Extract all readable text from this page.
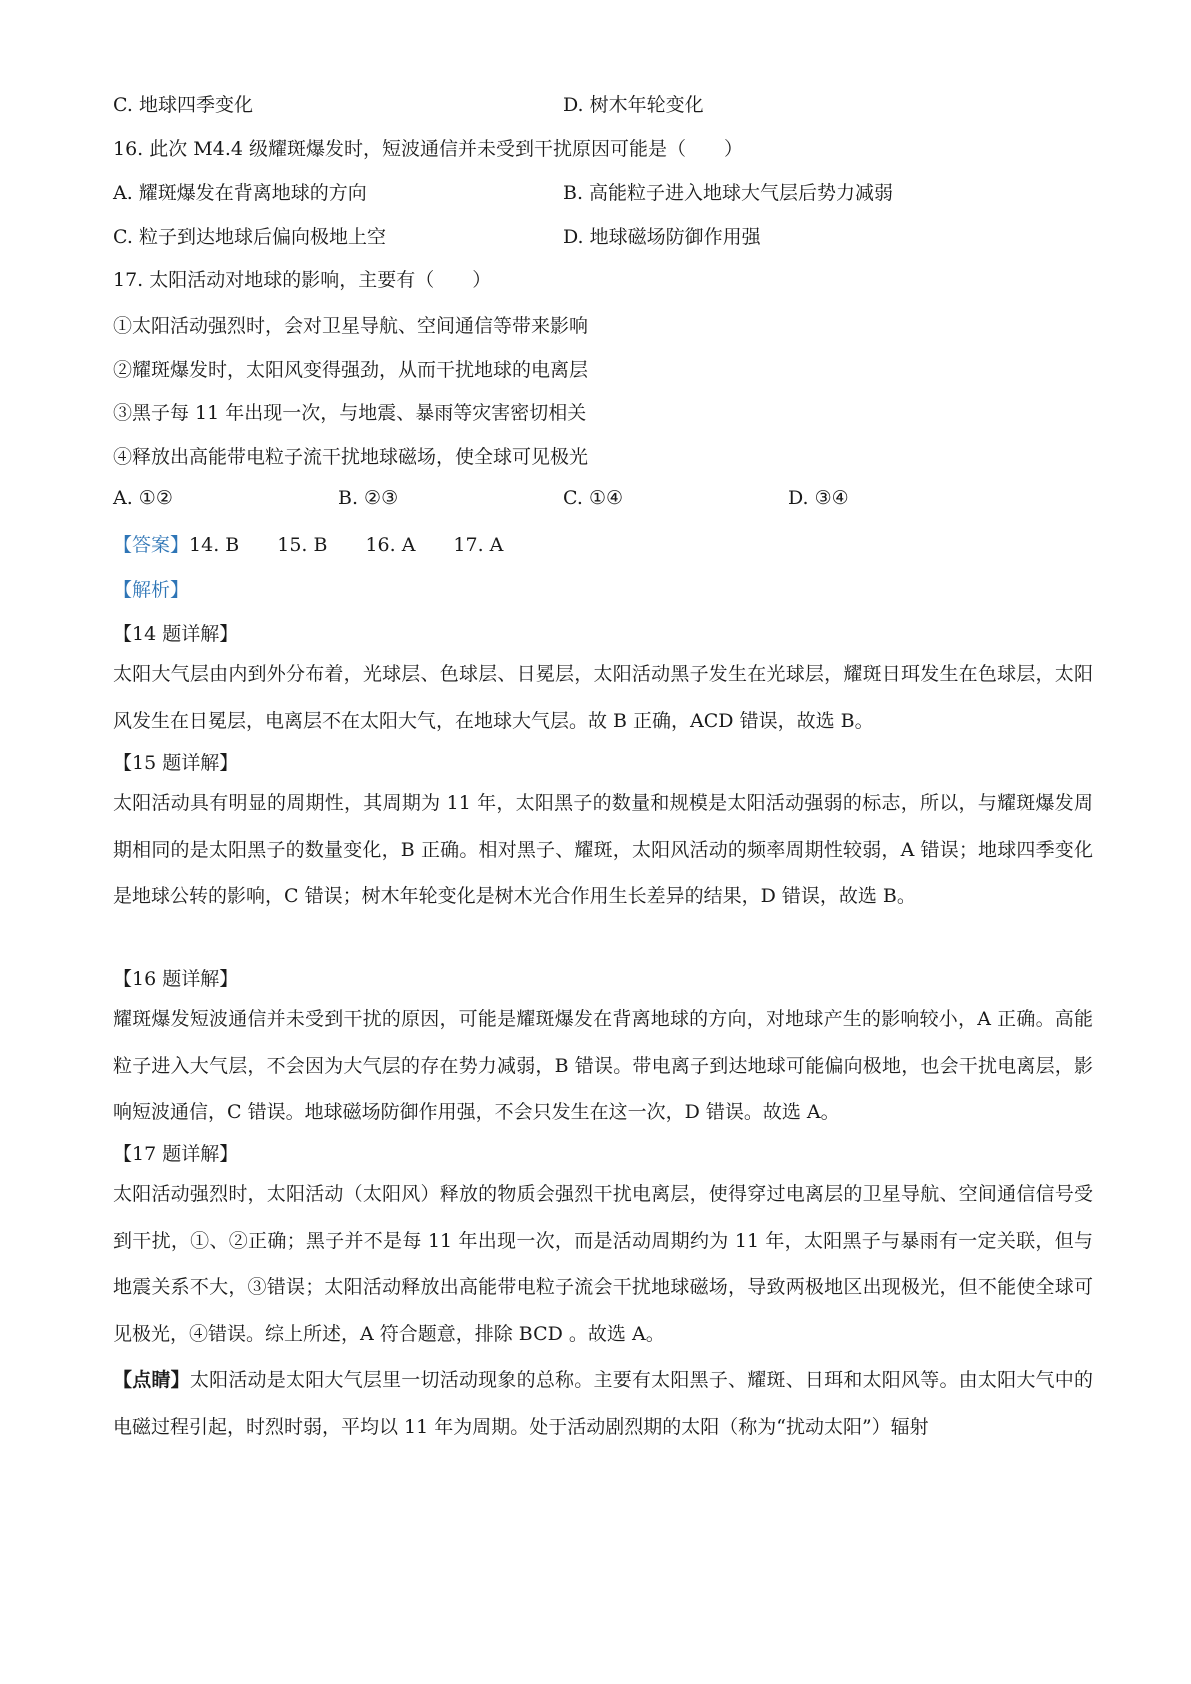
C. 地球四季变化	D. 树木年轮变化
16. 此次 M4.4 级耀斑爆发时，短波通信并未受到干扰原因可能是（　　）
A. 耀斑爆发在背离地球的方向	B. 高能粒子进入地球大气层后势力减弱
C. 粒子到达地球后偏向极地上空	D. 地球磁场防御作用强
17. 太阳活动对地球的影响，主要有（　　）
①太阳活动强烈时，会对卫星导航、空间通信等带来影响
②耀斑爆发时，太阳风变得强劲，从而干扰地球的电离层
③黑子每 11 年出现一次，与地震、暴雨等灾害密切相关
④释放出高能带电粒子流干扰地球磁场，使全球可见极光
A. ①②	B. ②③	C. ①④	D. ③④
【答案】14. B　　15. B　　16. A　　17. A
【解析】
【14 题详解】
太阳大气层由内到外分布着，光球层、色球层、日冕层，太阳活动黑子发生在光球层，耀斑日珥发生在色球层，太阳风发生在日冕层，电离层不在太阳大气，在地球大气层。故 B 正确，ACD 错误，故选 B。
【15 题详解】
太阳活动具有明显的周期性，其周期为 11 年，太阳黑子的数量和规模是太阳活动强弱的标志，所以，与耀斑爆发周期相同的是太阳黑子的数量变化，B 正确。相对黑子、耀斑，太阳风活动的频率周期性较弱，A 错误；地球四季变化是地球公转的影响，C 错误；树木年轮变化是树木光合作用生长差异的结果，D 错误，故选 B。
【16 题详解】
耀斑爆发短波通信并未受到干扰的原因，可能是耀斑爆发在背离地球的方向，对地球产生的影响较小，A 正确。高能粒子进入大气层，不会因为大气层的存在势力减弱，B 错误。带电离子到达地球可能偏向极地，也会干扰电离层，影响短波通信，C 错误。地球磁场防御作用强，不会只发生在这一次，D 错误。故选 A。
【17 题详解】
太阳活动强烈时，太阳活动（太阳风）释放的物质会强烈干扰电离层，使得穿过电离层的卫星导航、空间通信信号受到干扰，①、②正确；黑子并不是每 11 年出现一次，而是活动周期约为 11 年，太阳黑子与暴雨有一定关联，但与地震关系不大，③错误；太阳活动释放出高能带电粒子流会干扰地球磁场，导致两极地区出现极光，但不能使全球可见极光，④错误。综上所述，A 符合题意，排除 BCD 。故选 A。
【点睛】太阳活动是太阳大气层里一切活动现象的总称。主要有太阳黑子、耀斑、日珥和太阳风等。由太阳大气中的电磁过程引起，时烈时弱，平均以 11 年为周期。处于活动剧烈期的太阳（称为“扰动太阳”）辐射
